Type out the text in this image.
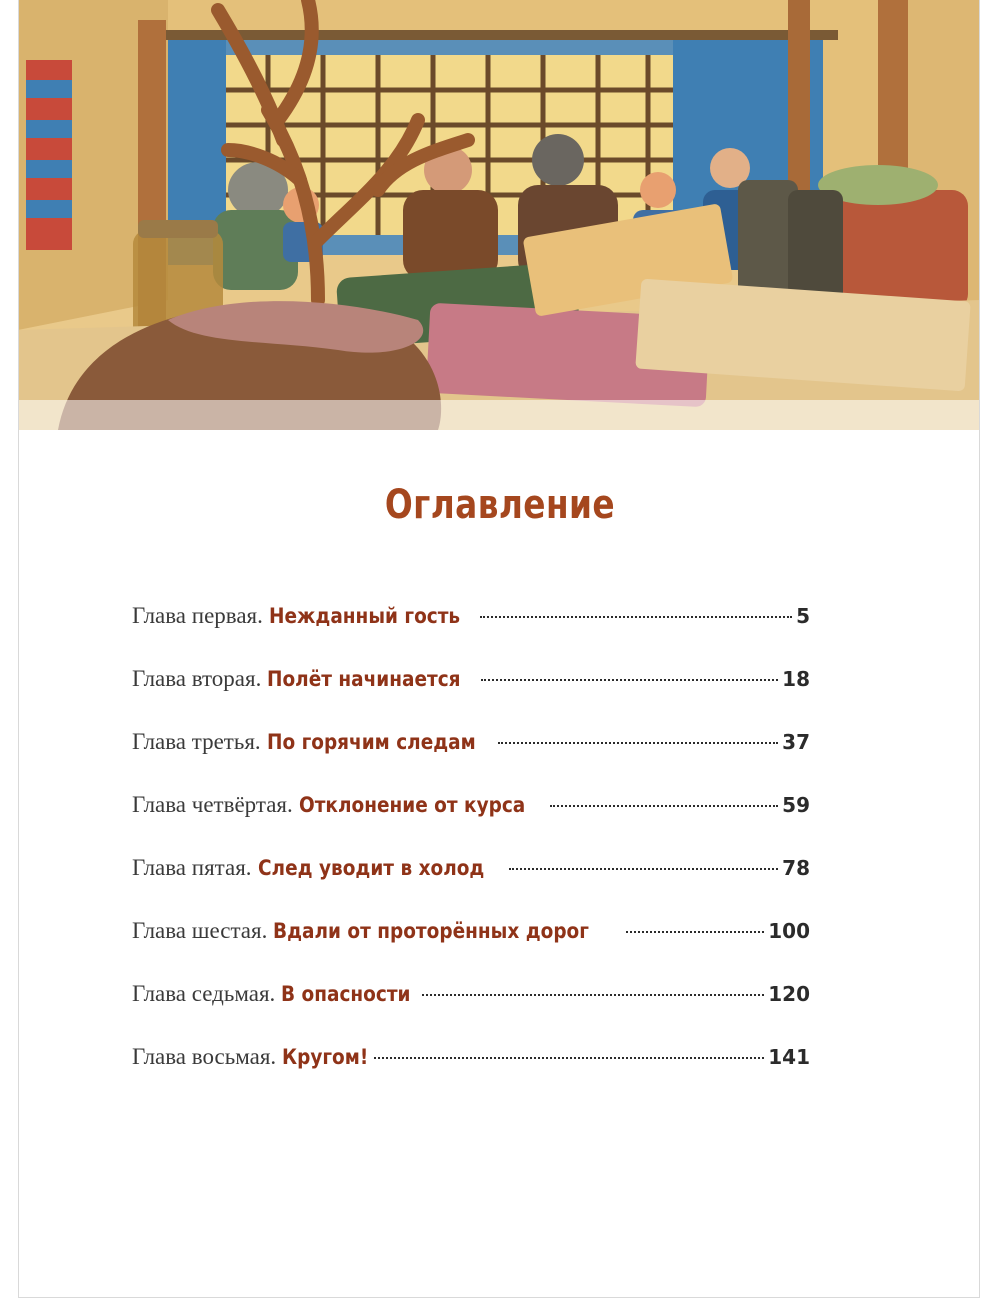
Оглавление
Глава первая. Нежданный гость	5
Глава вторая. Полёт начинается	18
Глава третья. По горячим следам	37
Глава четвёртая. Отклонение от курса	59
Глава пятая. След уводит в холод	78
Глава шестая. Вдали от проторённых дорог	100
Глава седьмая. В опасности	120
Глава восьмая. Кругом!	141
